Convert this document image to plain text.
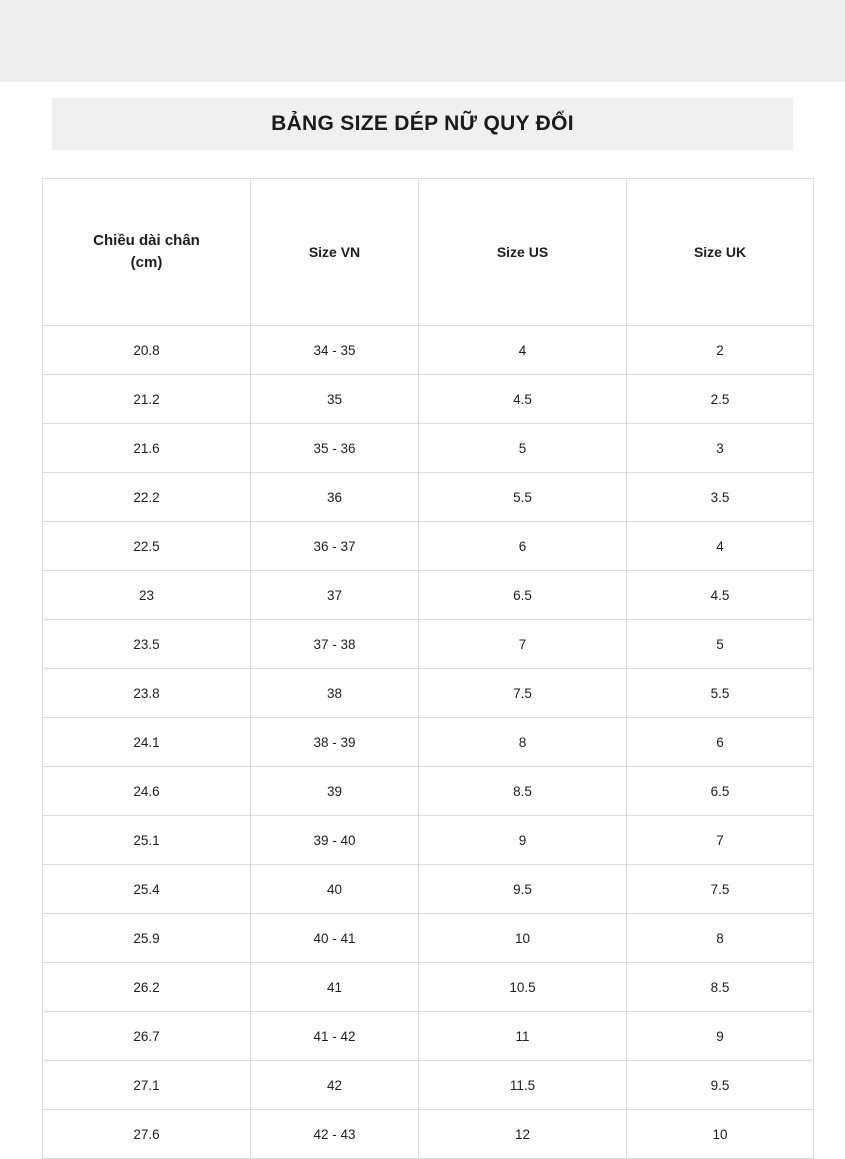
BẢNG SIZE DÉP NỮ QUY ĐỔI
Chiều dài chân
(cm)	Size VN	Size US	Size UK
20.8	34 - 35	4	2
21.2	35	4.5	2.5
21.6	35 - 36	5	3
22.2	36	5.5	3.5
22.5	36 - 37	6	4
23	37	6.5	4.5
23.5	37 - 38	7	5
23.8	38	7.5	5.5
24.1	38 - 39	8	6
24.6	39	8.5	6.5
25.1	39 - 40	9	7
25.4	40	9.5	7.5
25.9	40 - 41	10	8
26.2	41	10.5	8.5
26.7	41 - 42	11	9
27.1	42	11.5	9.5
27.6	42 - 43	12	10
